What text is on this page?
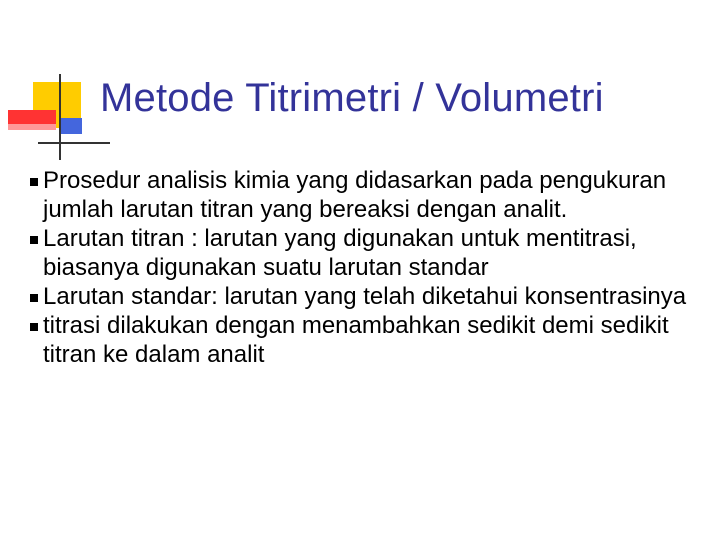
Metode Titrimetri / Volumetri
Prosedur analisis kimia yang didasarkan pada pengukuran jumlah larutan titran yang bereaksi dengan analit.
Larutan titran : larutan yang digunakan untuk mentitrasi, biasanya digunakan suatu larutan standar
Larutan standar: larutan yang telah diketahui konsentrasinya
titrasi dilakukan dengan menambahkan sedikit demi sedikit titran ke dalam analit
